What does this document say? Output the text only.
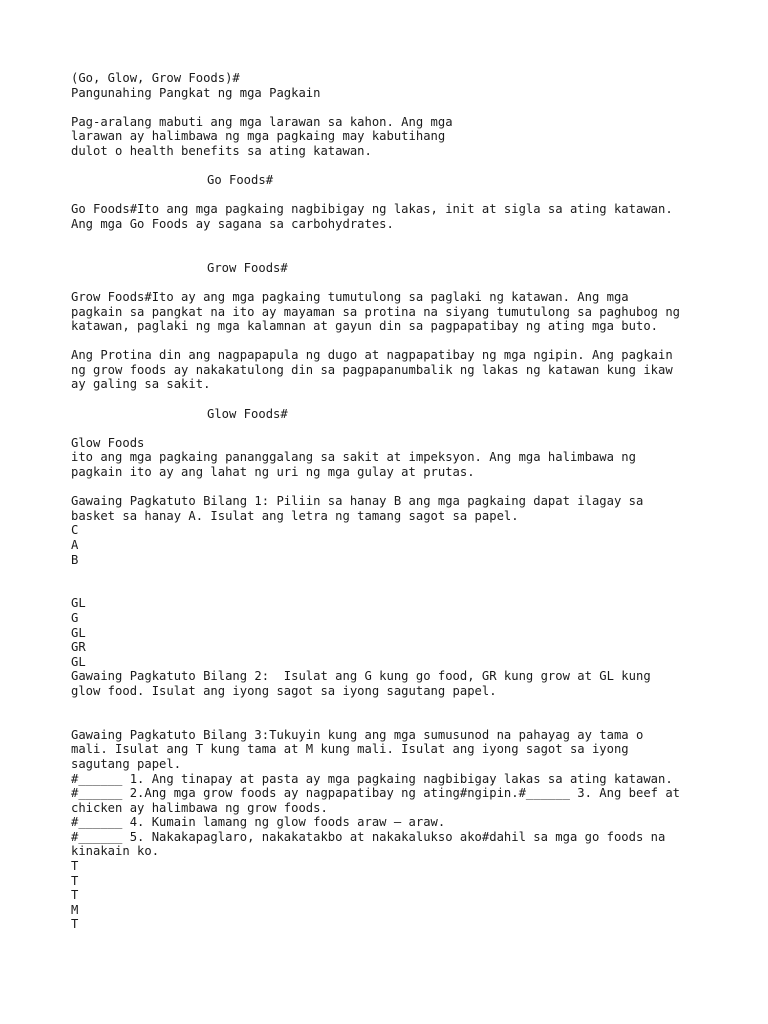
(Go, Glow, Grow Foods)#
Pangunahing Pangkat ng mga Pagkain
Pag-aralang mabuti ang mga larawan sa kahon. Ang mga
larawan ay halimbawa ng mga pagkaing may kabutihang
dulot o health benefits sa ating katawan.
Go Foods#
Go Foods#Ito ang mga pagkaing nagbibigay ng lakas, init at sigla sa ating katawan.
Ang mga Go Foods ay sagana sa carbohydrates.
Grow Foods#
Grow Foods#Ito ay ang mga pagkaing tumutulong sa paglaki ng katawan. Ang mga
pagkain sa pangkat na ito ay mayaman sa protina na siyang tumutulong sa paghubog ng
katawan, paglaki ng mga kalamnan at gayun din sa pagpapatibay ng ating mga buto.
Ang Protina din ang nagpapapula ng dugo at nagpapatibay ng mga ngipin. Ang pagkain
ng grow foods ay nakakatulong din sa pagpapanumbalik ng lakas ng katawan kung ikaw
ay galing sa sakit.
Glow Foods#
Glow Foods
ito ang mga pagkaing pananggalang sa sakit at impeksyon. Ang mga halimbawa ng
pagkain ito ay ang lahat ng uri ng mga gulay at prutas.
Gawaing Pagkatuto Bilang 1: Piliin sa hanay B ang mga pagkaing dapat ilagay sa
basket sa hanay A. Isulat ang letra ng tamang sagot sa papel.
C
A
B
GL
G
GL
GR
GL
Gawaing Pagkatuto Bilang 2:  Isulat ang G kung go food, GR kung grow at GL kung
glow food. Isulat ang iyong sagot sa iyong sagutang papel.
Gawaing Pagkatuto Bilang 3:Tukuyin kung ang mga sumusunod na pahayag ay tama o
mali. Isulat ang T kung tama at M kung mali. Isulat ang iyong sagot sa iyong
sagutang papel.
#______ 1. Ang tinapay at pasta ay mga pagkaing nagbibigay lakas sa ating katawan.
#______ 2.Ang mga grow foods ay nagpapatibay ng ating#ngipin.#______ 3. Ang beef at
chicken ay halimbawa ng grow foods.
#______ 4. Kumain lamang ng glow foods araw – araw.
#______ 5. Nakakapaglaro, nakakatakbo at nakakalukso ako#dahil sa mga go foods na
kinakain ko.
T
T
T
M
T
